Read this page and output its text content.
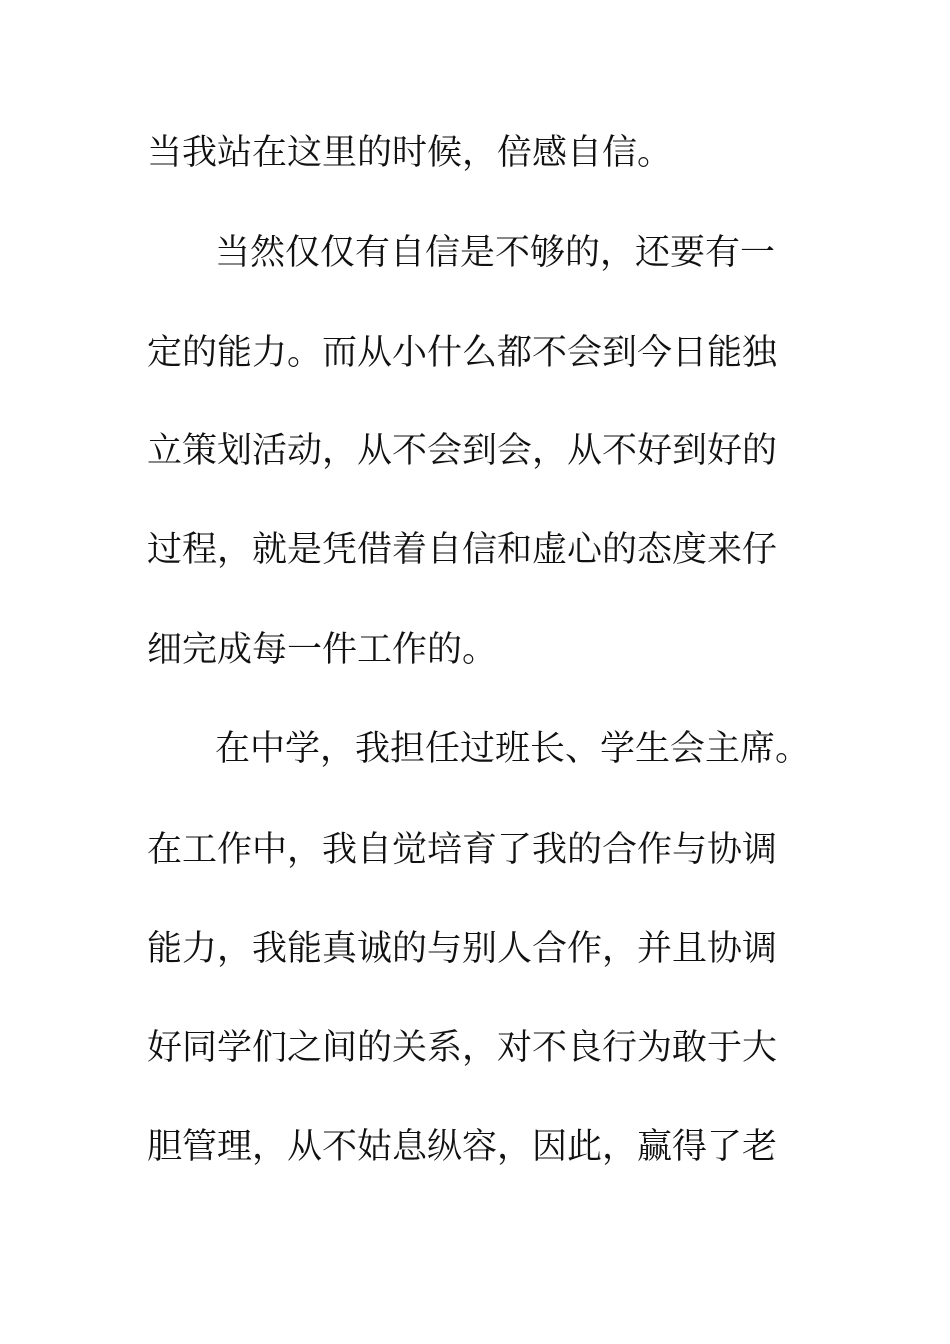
当我站在这里的时候，倍感自信。
当然仅仅有自信是不够的，还要有一
定的能力。而从小什么都不会到今日能独
立策划活动，从不会到会，从不好到好的
过程，就是凭借着自信和虚心的态度来仔
细完成每一件工作的。
在中学，我担任过班长、学生会主席。
在工作中，我自觉培育了我的合作与协调
能力，我能真诚的与别人合作，并且协调
好同学们之间的关系，对不良行为敢于大
胆管理，从不姑息纵容，因此，赢得了老
